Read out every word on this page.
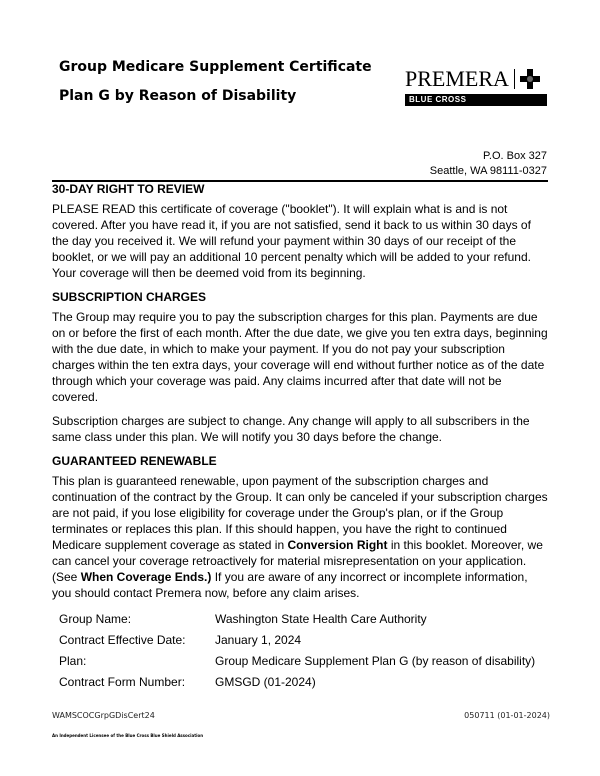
Group Medicare Supplement Certificate
Plan G by Reason of Disability
PREMERA
BLUE CROSS
P.O. Box 327
Seattle, WA 98111-0327
30-DAY RIGHT TO REVIEW

PLEASE READ this certificate of coverage ("booklet"). It will explain what is and is not covered. After you have read it, if you are not satisfied, send it back to us within 30 days of the day you received it. We will refund your payment within 30 days of our receipt of the booklet, or we will pay an additional 10 percent penalty which will be added to your refund. Your coverage will then be deemed void from its beginning.

SUBSCRIPTION CHARGES

The Group may require you to pay the subscription charges for this plan. Payments are due on or before the first of each month. After the due date, we give you ten extra days, beginning with the due date, in which to make your payment. If you do not pay your subscription charges within the ten extra days, your coverage will end without further notice as of the date through which your coverage was paid. Any claims incurred after that date will not be covered.

Subscription charges are subject to change. Any change will apply to all subscribers in the same class under this plan. We will notify you 30 days before the change.

GUARANTEED RENEWABLE

This plan is guaranteed renewable, upon payment of the subscription charges and continuation of the contract by the Group. It can only be canceled if your subscription charges are not paid, if you lose eligibility for coverage under the Group's plan, or if the Group terminates or replaces this plan. If this should happen, you have the right to continued Medicare supplement coverage as stated in Conversion Right in this booklet. Moreover, we can cancel your coverage retroactively for material misrepresentation on your application. (See When Coverage Ends.) If you are aware of any incorrect or incomplete information, you should contact Premera now, before any claim arises.

Group Name:	Washington State Health Care Authority
Contract Effective Date: January 1, 2024
Plan:	Group Medicare Supplement Plan G (by reason of disability)
Contract Form Number: GMSGD (01-2024)
WAMSCOCGrpGDisCert24	050711 (01-01-2024)
An Independent Licensee of the Blue Cross Blue Shield Association
